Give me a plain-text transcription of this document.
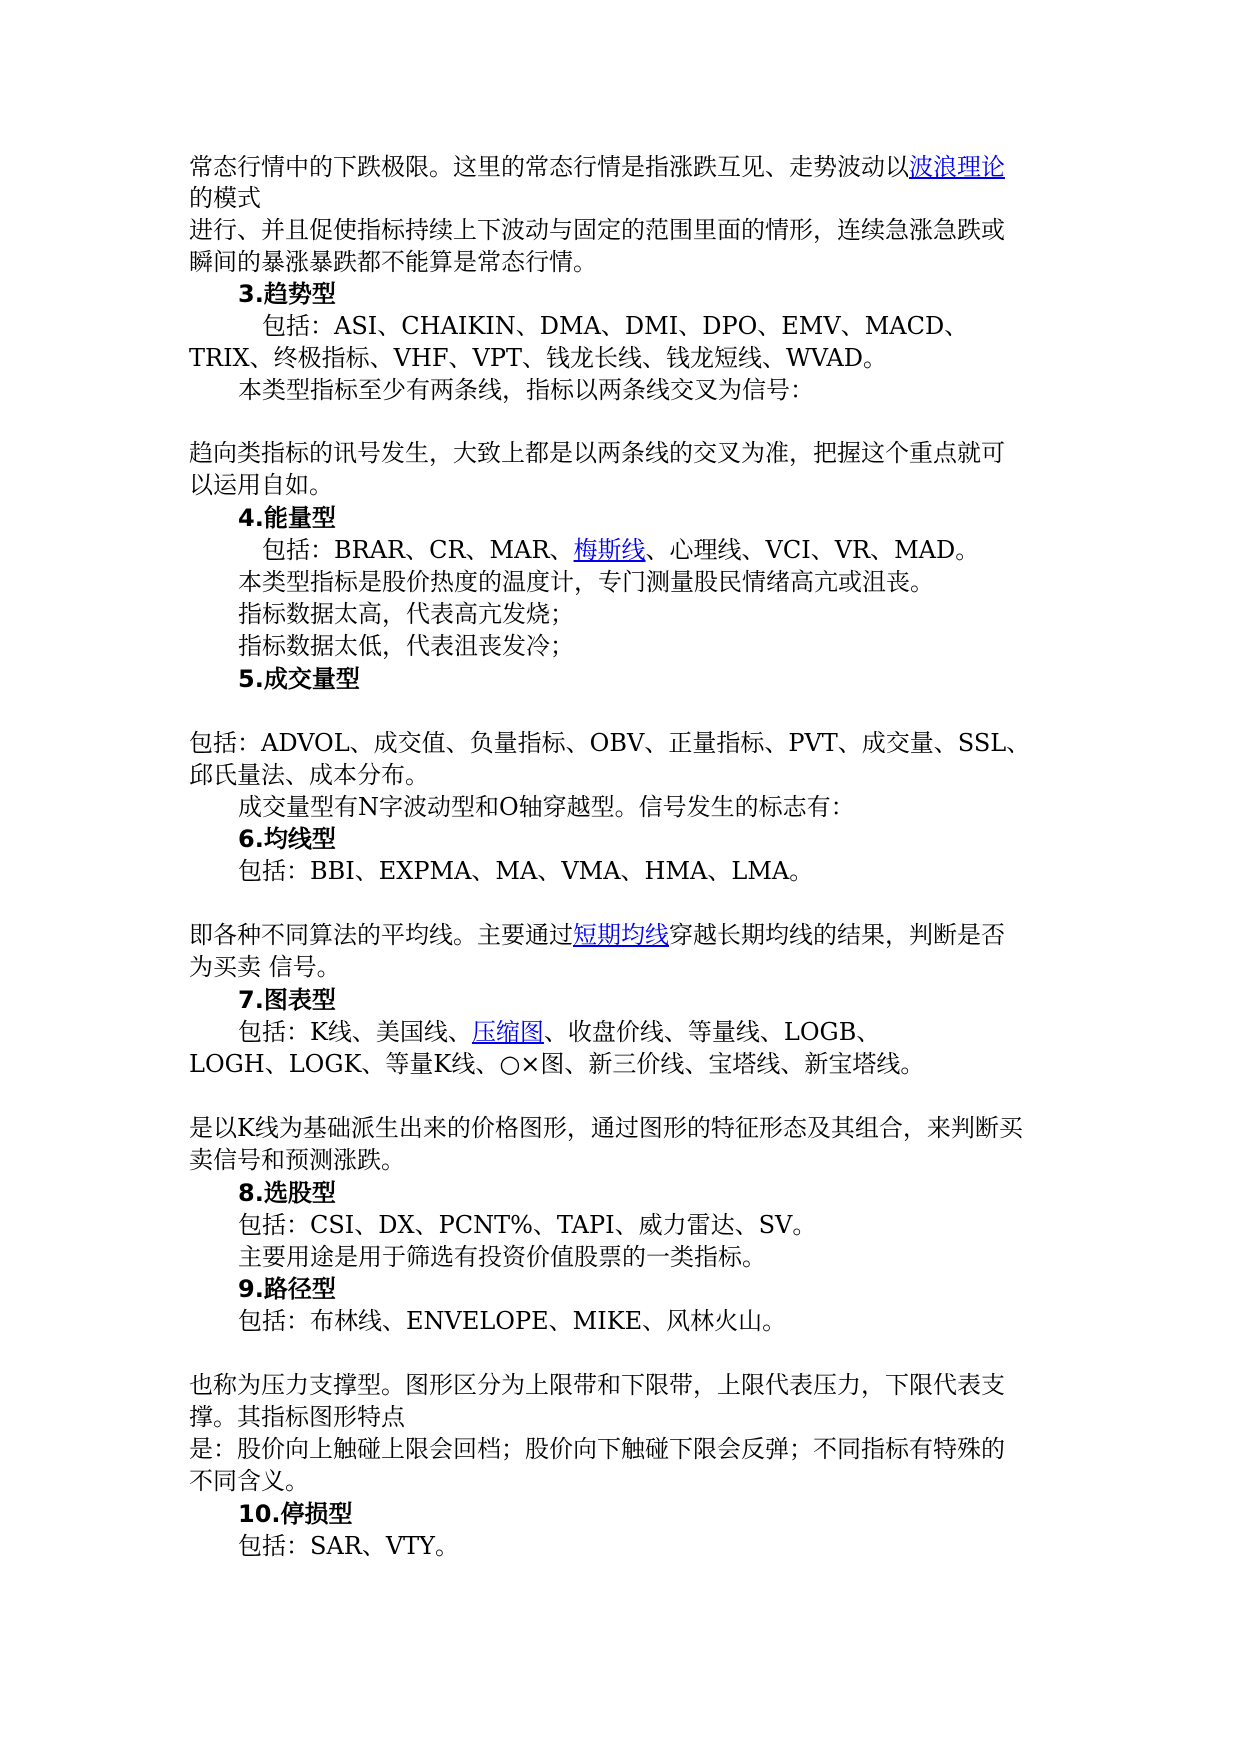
常态行情中的下跌极限。这里的常态行情是指涨跌互见、走势波动以波浪理论
的模式
进行、并且促使指标持续上下波动与固定的范围里面的情形，连续急涨急跌或
瞬间的暴涨暴跌都不能算是常态行情。
3.趋势型
包括：ASI、CHAIKIN、DMA、DMI、DPO、EMV、MACD、
TRIX、终极指标、VHF、VPT、钱龙长线、钱龙短线、WVAD。
本类型指标至少有两条线，指标以两条线交叉为信号：
趋向类指标的讯号发生，大致上都是以两条线的交叉为准，把握这个重点就可
以运用自如。
4.能量型
包括：BRAR、CR、MAR、梅斯线、心理线、VCI、VR、MAD。
本类型指标是股价热度的温度计，专门测量股民情绪高亢或沮丧。
指标数据太高，代表高亢发烧；
指标数据太低，代表沮丧发冷；
5.成交量型
包括：ADVOL、成交值、负量指标、OBV、正量指标、PVT、成交量、SSL、
邱氏量法、成本分布。
成交量型有N字波动型和O轴穿越型。信号发生的标志有：
6.均线型
包括：BBI、EXPMA、MA、VMA、HMA、LMA。
即各种不同算法的平均线。主要通过短期均线穿越长期均线的结果，判断是否
为买卖 信号。
7.图表型
包括：K线、美国线、压缩图、收盘价线、等量线、LOGB、
LOGH、LOGK、等量K线、○×图、新三价线、宝塔线、新宝塔线。
是以K线为基础派生出来的价格图形，通过图形的特征形态及其组合，来判断买
卖信号和预测涨跌。
8.选股型
包括：CSI、DX、PCNT%、TAPI、威力雷达、SV。
主要用途是用于筛选有投资价值股票的一类指标。
9.路径型
包括：布林线、ENVELOPE、MIKE、风林火山。
也称为压力支撑型。图形区分为上限带和下限带，上限代表压力，下限代表支
撑。其指标图形特点
是：股价向上触碰上限会回档；股价向下触碰下限会反弹；不同指标有特殊的
不同含义。
10.停损型
包括：SAR、VTY。
